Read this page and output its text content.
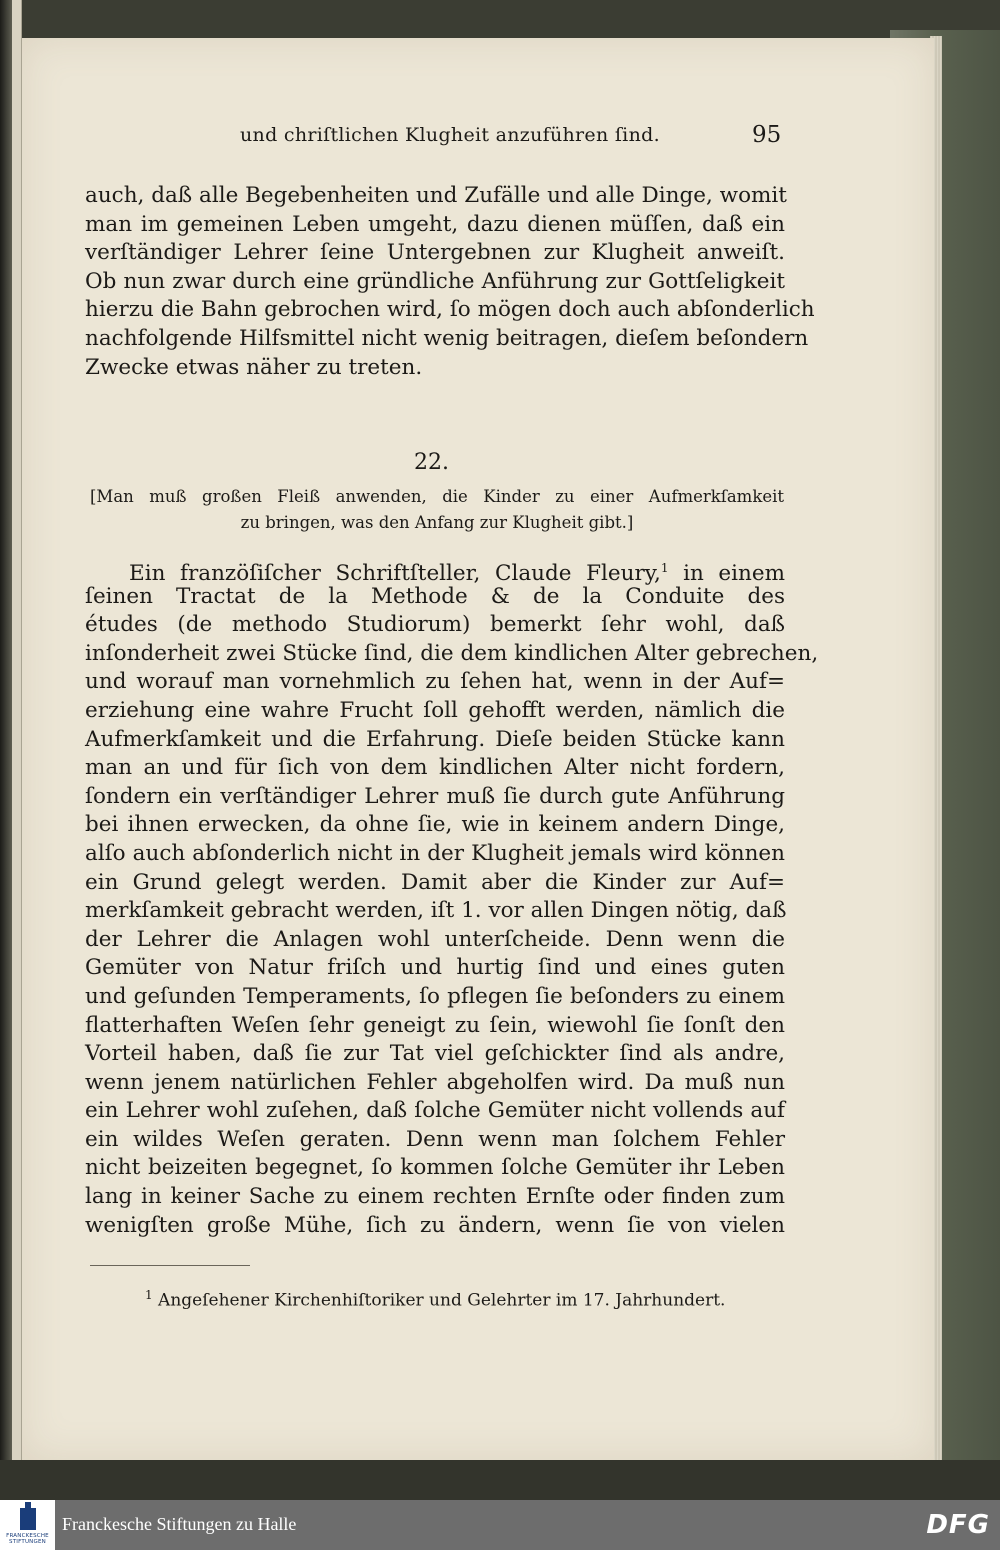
und chriſtlichen Klugheit anzuführen ſind.	95
auch, daß alle Begebenheiten und Zufälle und alle Dinge, womit
man im gemeinen Leben umgeht, dazu dienen müſſen, daß ein
verſtändiger Lehrer ſeine Untergebnen zur Klugheit anweiſt.
Ob nun zwar durch eine gründliche Anführung zur Gottſeligkeit
hierzu die Bahn gebrochen wird, ſo mögen doch auch abſonderlich
nachfolgende Hilfsmittel nicht wenig beitragen, dieſem beſondern
Zwecke etwas näher zu treten.
22.
[Man muß großen Fleiß anwenden, die Kinder zu einer Aufmerkſamkeit
zu bringen, was den Anfang zur Klugheit gibt.]
Ein franzöſiſcher Schriftſteller, Claude Fleury,$^1$ in einem
ſeinen Tractat de la Methode & de la Conduite des
études (de methodo Studiorum) bemerkt ſehr wohl, daß
inſonderheit zwei Stücke ſind, die dem kindlichen Alter gebrechen,
und worauf man vornehmlich zu ſehen hat, wenn in der Auf=
erziehung eine wahre Frucht ſoll gehofft werden, nämlich die
Aufmerkſamkeit und die Erfahrung. Dieſe beiden Stücke kann
man an und für ſich von dem kindlichen Alter nicht fordern,
ſondern ein verſtändiger Lehrer muß ſie durch gute Anführung
bei ihnen erwecken, da ohne ſie, wie in keinem andern Dinge,
alſo auch abſonderlich nicht in der Klugheit jemals wird können
ein Grund gelegt werden. Damit aber die Kinder zur Auf=
merkſamkeit gebracht werden, iſt 1. vor allen Dingen nötig, daß
der Lehrer die Anlagen wohl unterſcheide. Denn wenn die
Gemüter von Natur friſch und hurtig ſind und eines guten
und geſunden Temperaments, ſo pflegen ſie beſonders zu einem
flatterhaften Weſen ſehr geneigt zu ſein, wiewohl ſie ſonſt den
Vorteil haben, daß ſie zur Tat viel geſchickter ſind als andre,
wenn jenem natürlichen Fehler abgeholfen wird. Da muß nun
ein Lehrer wohl zuſehen, daß ſolche Gemüter nicht vollends auf
ein wildes Weſen geraten. Denn wenn man ſolchem Fehler
nicht beizeiten begegnet, ſo kommen ſolche Gemüter ihr Leben
lang in keiner Sache zu einem rechten Ernſte oder finden zum
wenigſten große Mühe, ſich zu ändern, wenn ſie von vielen
$^1$ Angeſehener Kirchenhiſtoriker und Gelehrter im 17. Jahrhundert.
FRANCKESCHE STIFTUNGEN
Franckesche Stiftungen zu Halle	DFG
